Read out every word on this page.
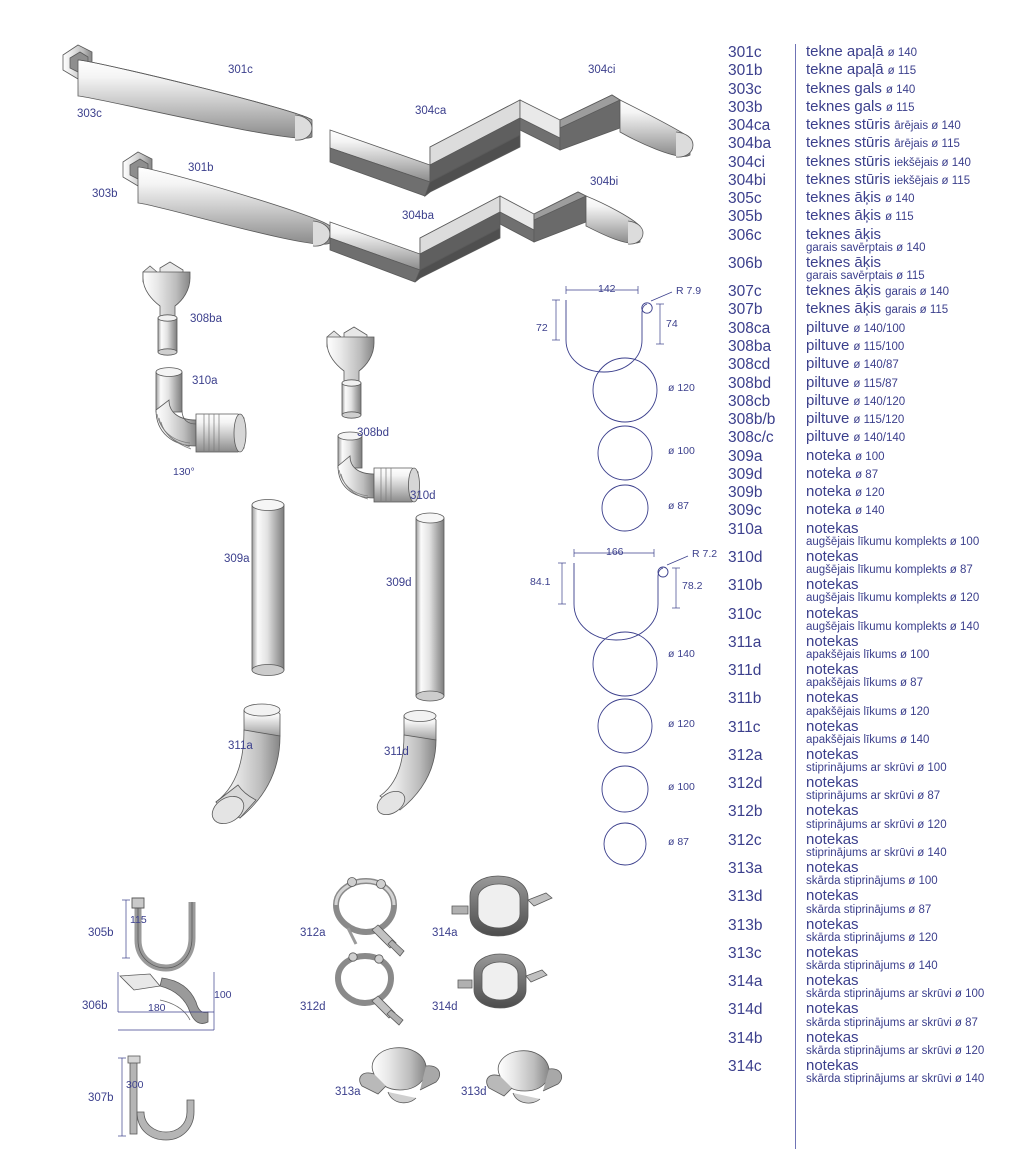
301c
303c	304ca
304ci
301b
303b
304ba
304bi
308ba
308bd
310a
310d
130°
309a
309d
311a	311d
305b
306b
307b
312a
312d
313a	313d
314a
314d
142	R 7.9
72	74
166	R 7.2
84.1	78.2
ø 120
ø 100
ø 87
ø 140
ø 120
ø 100
ø 87
115
180
100
300
301c	tekne apaļā ø 140
301b	tekne apaļā ø 115
303c	teknes gals ø 140
303b	teknes gals ø 115
304ca	teknes stūris ārējais ø 140
304ba	teknes stūris ārējais ø 115
304ci	teknes stūris iekšējais ø 140
304bi	teknes stūris iekšējais ø 115
305c	teknes āķis ø 140
305b	teknes āķis ø 115
306c	teknes āķis
garais savērptais ø 140
306b	teknes āķis
garais savērptais ø 115
307c	teknes āķis garais ø 140
307b	teknes āķis garais ø 115
308ca	piltuve ø 140/100
308ba	piltuve ø 115/100
308cd	piltuve ø 140/87
308bd	piltuve ø 115/87
308cb	piltuve ø 140/120
308b/b	piltuve ø 115/120
308c/c	piltuve ø 140/140
309a	noteka ø 100
309d	noteka ø 87
309b	noteka ø 120
309c	noteka ø 140
310a	notekas
augšējais līkumu komplekts ø 100
310d	notekas
augšējais līkumu komplekts ø 87
310b	notekas
augšējais līkumu komplekts ø 120
310c	notekas
augšējais līkumu komplekts ø 140
311a	notekas
apakšējais līkums ø 100
311d	notekas
apakšējais līkums ø 87
311b	notekas
apakšējais līkums ø 120
311c	notekas
apakšējais līkums ø 140
312a	notekas
stiprinājums ar skrūvi ø 100
312d	notekas
stiprinājums ar skrūvi ø 87
312b	notekas
stiprinājums ar skrūvi ø 120
312c	notekas
stiprinājums ar skrūvi ø 140
313a	notekas
skārda stiprinājums ø 100
313d	notekas
skārda stiprinājums ø 87
313b	notekas
skārda stiprinājums ø 120
313c	notekas
skārda stiprinājums ø 140
314a	notekas
skārda stiprinājums ar skrūvi ø 100
314d	notekas
skārda stiprinājums ar skrūvi ø 87
314b	notekas
skārda stiprinājums ar skrūvi ø 120
314c	notekas
skārda stiprinājums ar skrūvi ø 140
